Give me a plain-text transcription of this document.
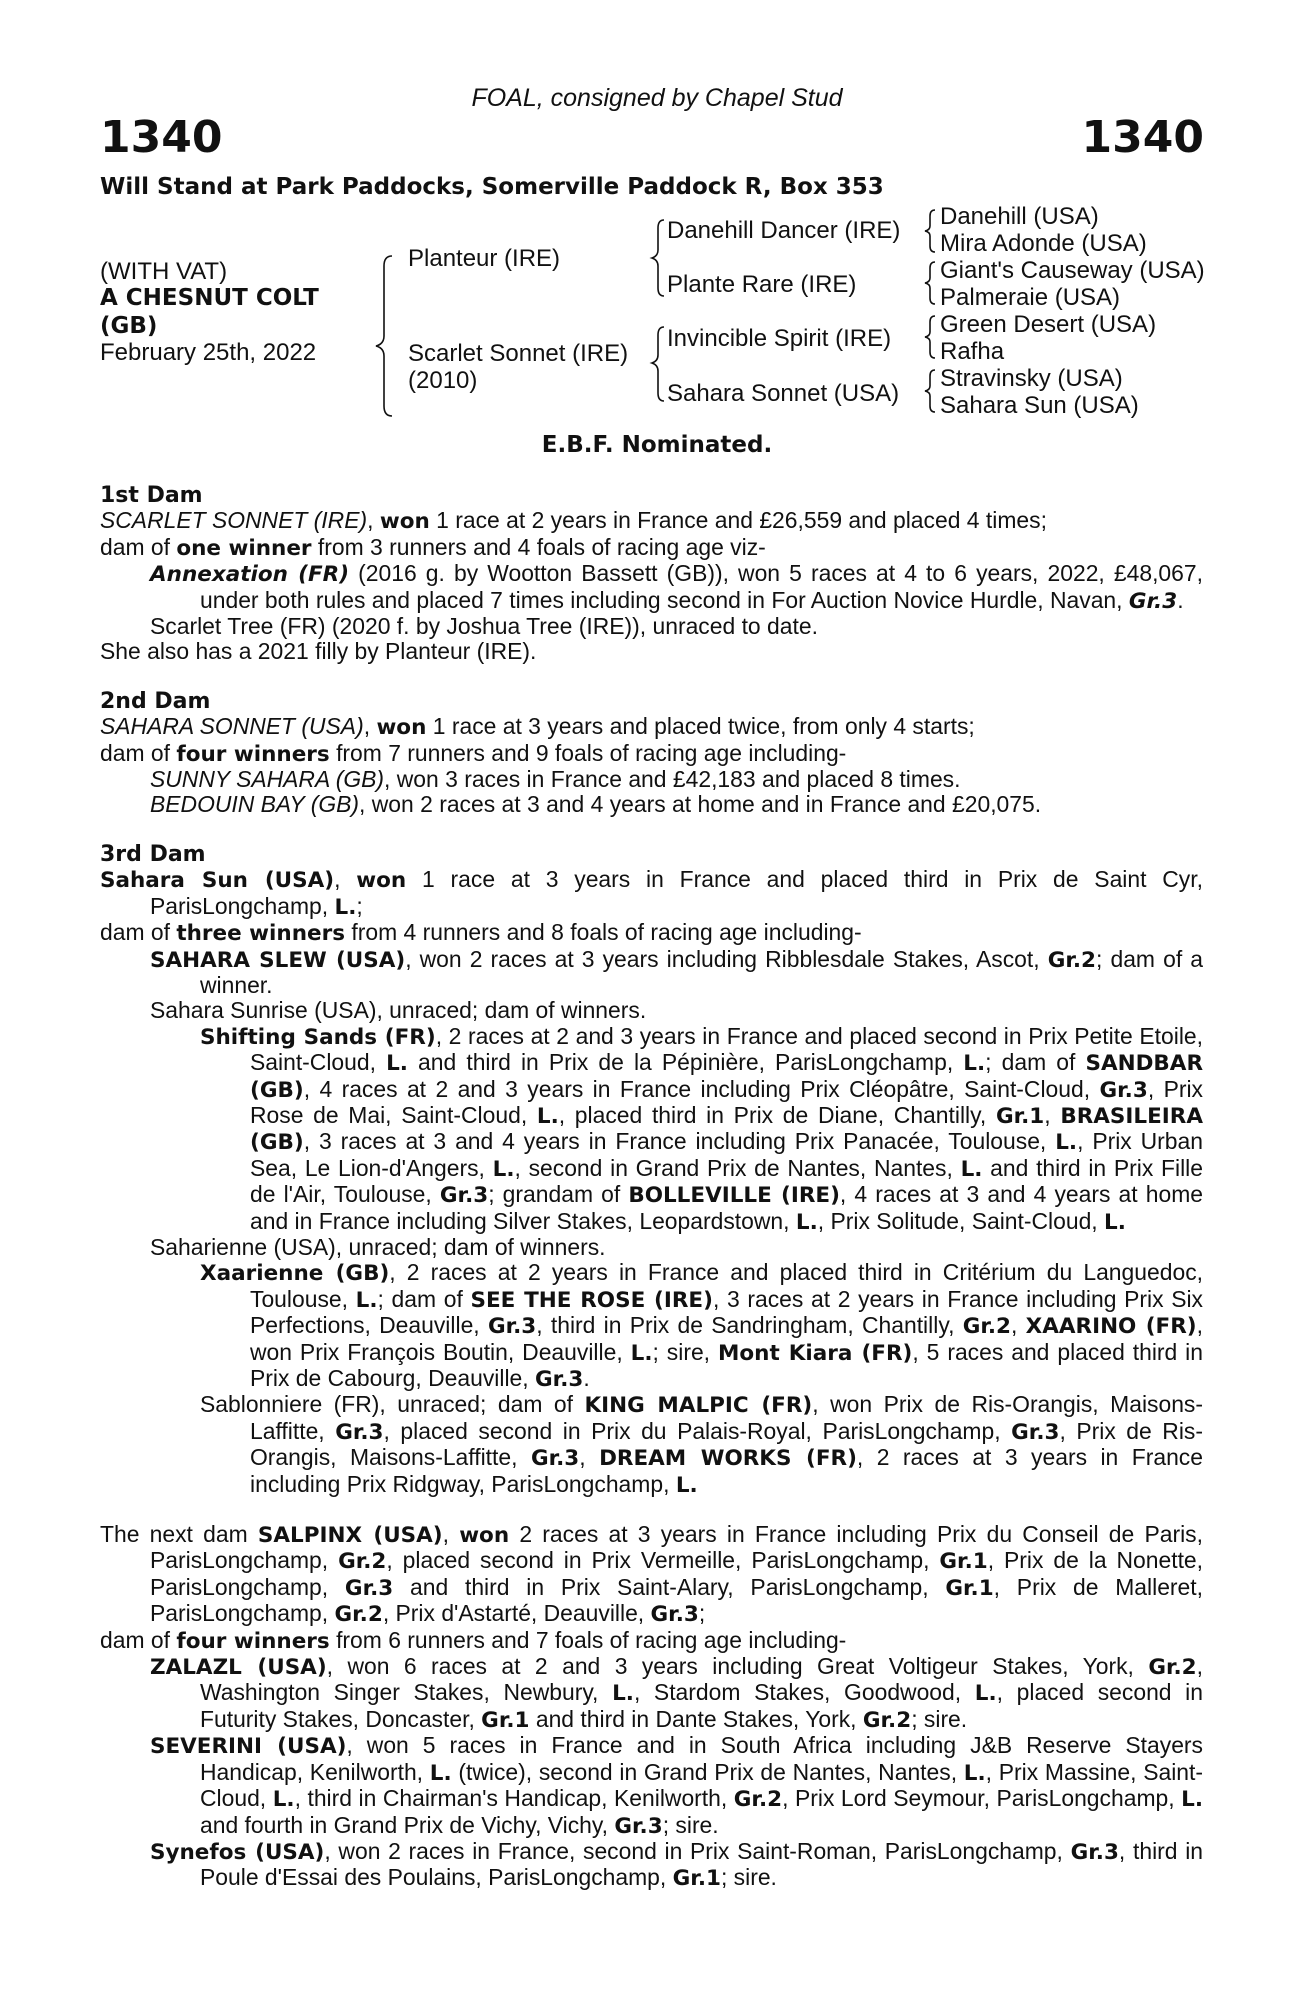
FOAL, consigned by Chapel Stud
1340	1340
Will Stand at Park Paddocks, Somerville Paddock R, Box 353
(WITH VAT)
A CHESNUT COLT
(GB)
February 25th, 2022
Planteur (IRE)
Scarlet Sonnet (IRE)
(2010)
Danehill Dancer (IRE)
Plante Rare (IRE)
Invincible Spirit (IRE)
Sahara Sonnet (USA)
Danehill (USA)
Mira Adonde (USA)
Giant's Causeway (USA)
Palmeraie (USA)
Green Desert (USA)
Rafha
Stravinsky (USA)
Sahara Sun (USA)
E.B.F. Nominated.

1st Dam

SCARLET SONNET (IRE), won 1 race at 2 years in France and £26,559 and placed 4 times;

dam of one winner from 3 runners and 4 foals of racing age viz-

Annexation (FR) (2016 g. by Wootton Bassett (GB)), won 5 races at 4 to 6 years, 2022, £48,067, under both rules and placed 7 times including second in For Auction Novice Hurdle, Navan, Gr.3.

Scarlet Tree (FR) (2020 f. by Joshua Tree (IRE)), unraced to date.

She also has a 2021 filly by Planteur (IRE).

2nd Dam

SAHARA SONNET (USA), won 1 race at 3 years and placed twice, from only 4 starts;

dam of four winners from 7 runners and 9 foals of racing age including-

SUNNY SAHARA (GB), won 3 races in France and £42,183 and placed 8 times.

BEDOUIN BAY (GB), won 2 races at 3 and 4 years at home and in France and £20,075.

3rd Dam

Sahara Sun (USA), won 1 race at 3 years in France and placed third in Prix de Saint Cyr, ParisLongchamp, L.;

dam of three winners from 4 runners and 8 foals of racing age including-

SAHARA SLEW (USA), won 2 races at 3 years including Ribblesdale Stakes, Ascot, Gr.2; dam of a winner.

Sahara Sunrise (USA), unraced; dam of winners.

Shifting Sands (FR), 2 races at 2 and 3 years in France and placed second in Prix Petite Etoile, Saint-Cloud, L. and third in Prix de la Pépinière, ParisLongchamp, L.; dam of SANDBAR (GB), 4 races at 2 and 3 years in France including Prix Cléopâtre, Saint-Cloud, Gr.3, Prix Rose de Mai, Saint-Cloud, L., placed third in Prix de Diane, Chantilly, Gr.1, BRASILEIRA (GB), 3 races at 3 and 4 years in France including Prix Panacée, Toulouse, L., Prix Urban Sea, Le Lion-d'Angers, L., second in Grand Prix de Nantes, Nantes, L. and third in Prix Fille de l'Air, Toulouse, Gr.3; grandam of BOLLEVILLE (IRE), 4 races at 3 and 4 years at home and in France including Silver Stakes, Leopardstown, L., Prix Solitude, Saint-Cloud, L.

Saharienne (USA), unraced; dam of winners.

Xaarienne (GB), 2 races at 2 years in France and placed third in Critérium du Languedoc, Toulouse, L.; dam of SEE THE ROSE (IRE), 3 races at 2 years in France including Prix Six Perfections, Deauville, Gr.3, third in Prix de Sandringham, Chantilly, Gr.2, XAARINO (FR), won Prix François Boutin, Deauville, L.; sire, Mont Kiara (FR), 5 races and placed third in Prix de Cabourg, Deauville, Gr.3.

Sablonniere (FR), unraced; dam of KING MALPIC (FR), won Prix de Ris-Orangis, Maisons-Laffitte, Gr.3, placed second in Prix du Palais-Royal, ParisLongchamp, Gr.3, Prix de Ris-Orangis, Maisons-Laffitte, Gr.3, DREAM WORKS (FR), 2 races at 3 years in France including Prix Ridgway, ParisLongchamp, L.

The next dam SALPINX (USA), won 2 races at 3 years in France including Prix du Conseil de Paris, ParisLongchamp, Gr.2, placed second in Prix Vermeille, ParisLongchamp, Gr.1, Prix de la Nonette, ParisLongchamp, Gr.3 and third in Prix Saint-Alary, ParisLongchamp, Gr.1, Prix de Malleret, ParisLongchamp, Gr.2, Prix d'Astarté, Deauville, Gr.3;

dam of four winners from 6 runners and 7 foals of racing age including-

ZALAZL (USA), won 6 races at 2 and 3 years including Great Voltigeur Stakes, York, Gr.2, Washington Singer Stakes, Newbury, L., Stardom Stakes, Goodwood, L., placed second in Futurity Stakes, Doncaster, Gr.1 and third in Dante Stakes, York, Gr.2; sire.

SEVERINI (USA), won 5 races in France and in South Africa including J&B Reserve Stayers Handicap, Kenilworth, L. (twice), second in Grand Prix de Nantes, Nantes, L., Prix Massine, Saint-Cloud, L., third in Chairman's Handicap, Kenilworth, Gr.2, Prix Lord Seymour, ParisLongchamp, L. and fourth in Grand Prix de Vichy, Vichy, Gr.3; sire.

Synefos (USA), won 2 races in France, second in Prix Saint-Roman, ParisLongchamp, Gr.3, third in Poule d'Essai des Poulains, ParisLongchamp, Gr.1; sire.
